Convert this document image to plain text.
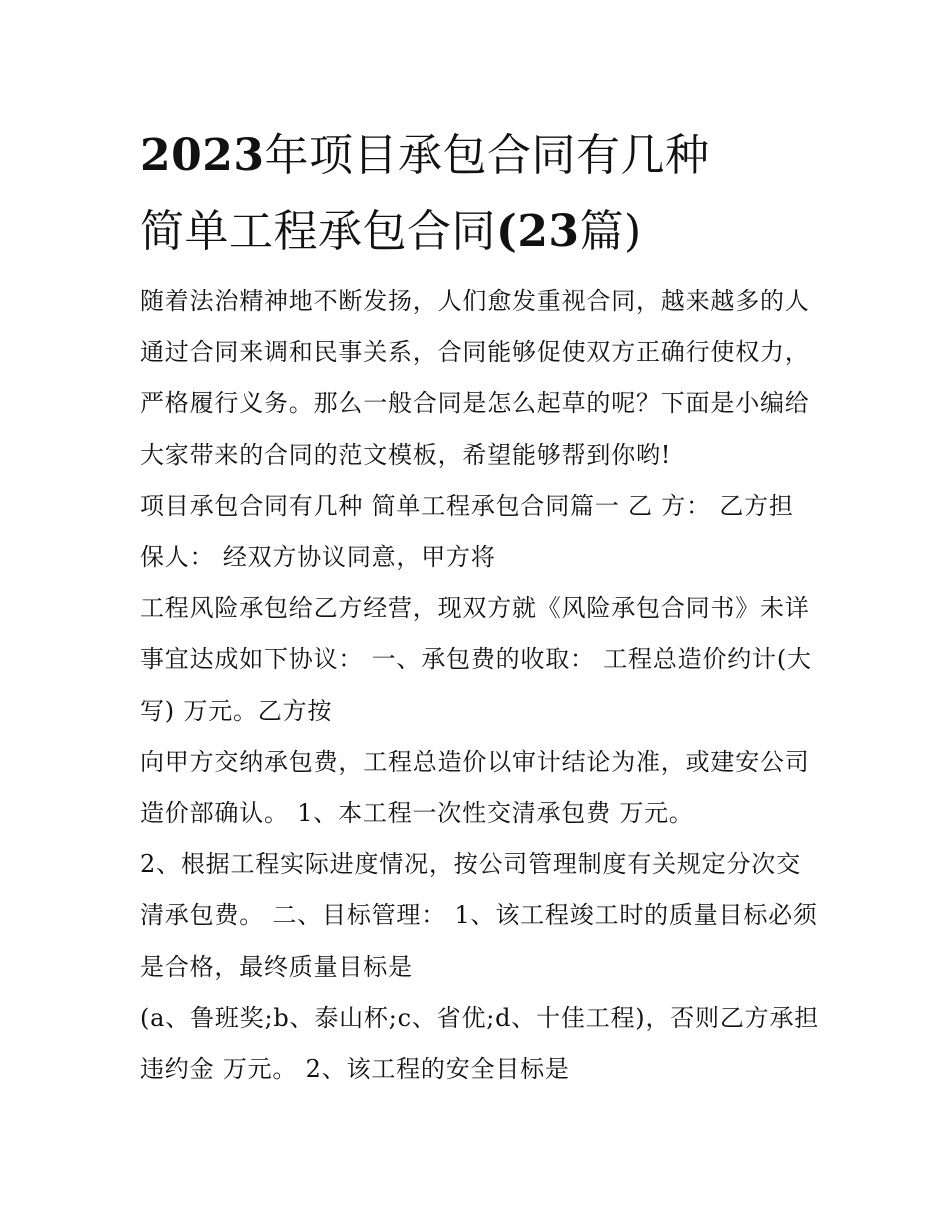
2023年项目承包合同有几种
简单工程承包合同(23篇)

随着法治精神地不断发扬，人们愈发重视合同，越来越多的人

通过合同来调和民事关系，合同能够促使双方正确行使权力，

严格履行义务。那么一般合同是怎么起草的呢？下面是小编给

大家带来的合同的范文模板，希望能够帮到你哟!

项目承包合同有几种 简单工程承包合同篇一 乙 方： 乙方担

保人： 经双方协议同意，甲方将

工程风险承包给乙方经营，现双方就《风险承包合同书》未详

事宜达成如下协议： 一、承包费的收取： 工程总造价约计(大

写) 万元。乙方按

向甲方交纳承包费，工程总造价以审计结论为准，或建安公司

造价部确认。 1、本工程一次性交清承包费 万元。

2、根据工程实际进度情况，按公司管理制度有关规定分次交

清承包费。 二、目标管理： 1、该工程竣工时的质量目标必须

是合格，最终质量目标是

(a、鲁班奖;b、泰山杯;c、省优;d、十佳工程)，否则乙方承担

违约金 万元。 2、该工程的安全目标是
